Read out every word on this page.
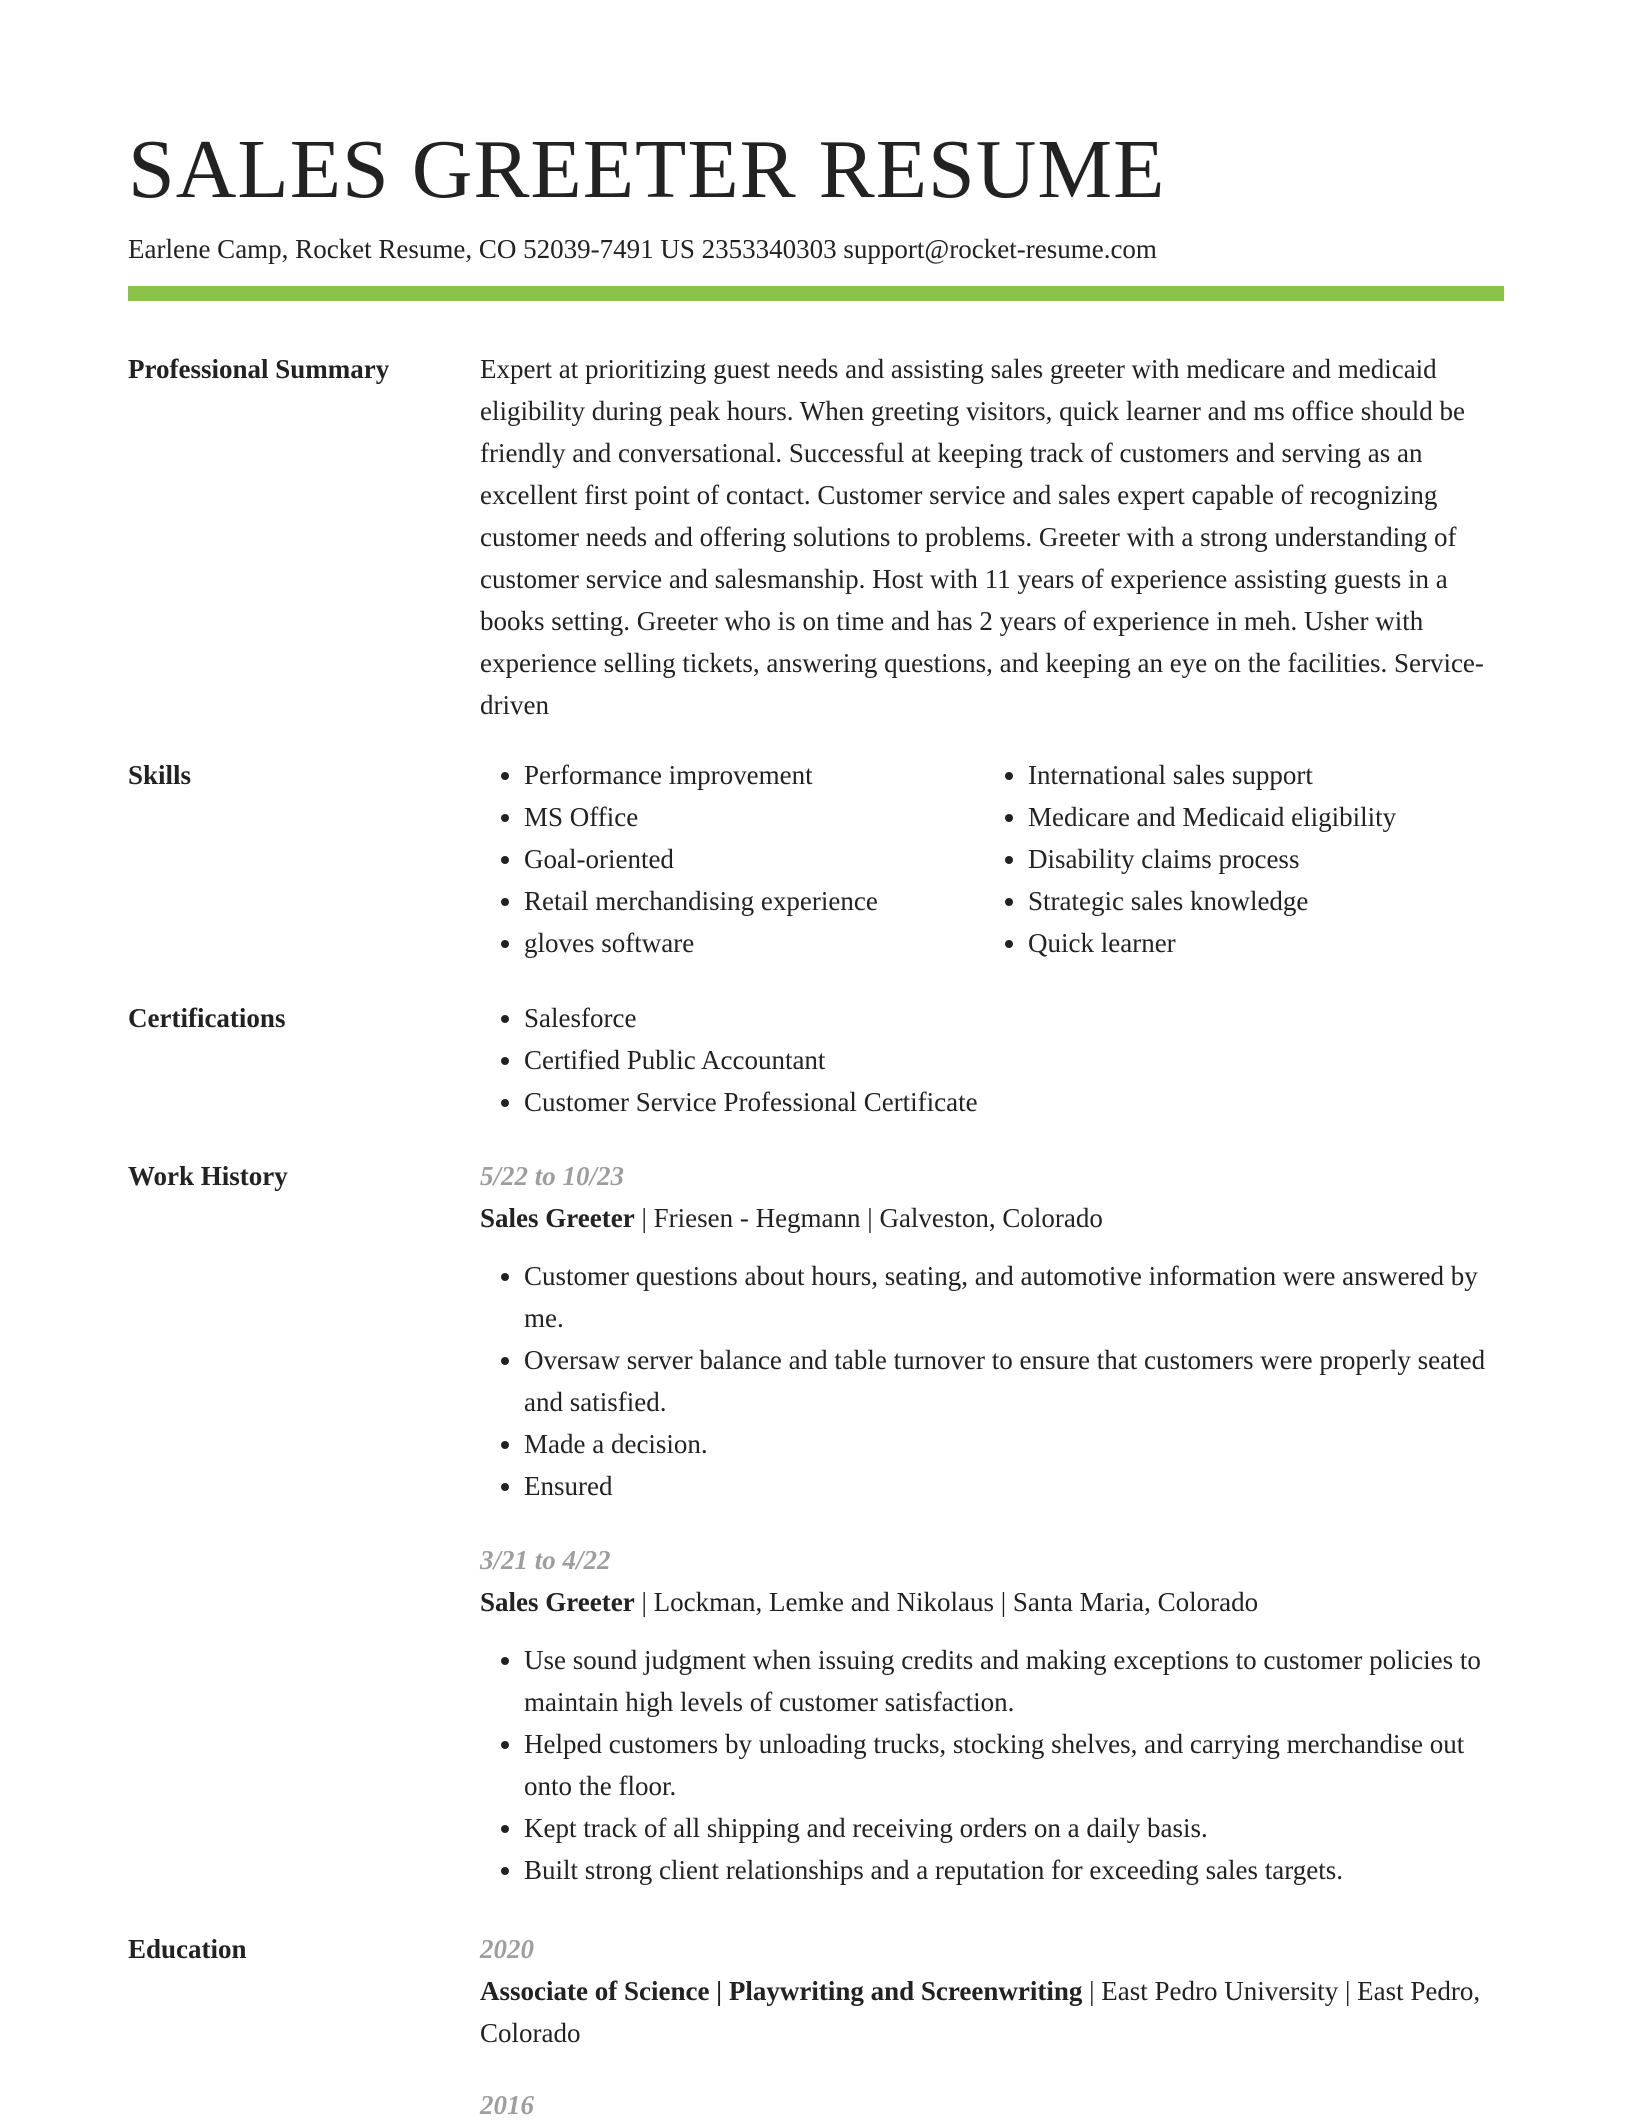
SALES GREETER RESUME
Earlene Camp, Rocket Resume, CO 52039-7491 US 2353340303 support@rocket-resume.com
Professional Summary	Expert at prioritizing guest needs and assisting sales greeter with medicare and medicaid eligibility during peak hours. When greeting visitors, quick learner and ms office should be friendly and conversational. Successful at keeping track of customers and serving as an excellent first point of contact. Customer service and sales expert capable of recognizing customer needs and offering solutions to problems. Greeter with a strong understanding of customer service and salesmanship. Host with 11 years of experience assisting guests in a books setting. Greeter who is on time and has 2 years of experience in meh. Usher with experience selling tickets, answering questions, and keeping an eye on the facilities. Service-driven

Skills	• Performance improvement
• MS Office
• Goal-oriented
• Retail merchandising experience
• gloves software
• International sales support
• Medicare and Medicaid eligibility
• Disability claims process
• Strategic sales knowledge
• Quick learner
Certifications	• Salesforce
• Certified Public Accountant
• Customer Service Professional Certificate
Work History	5/22 to 10/23

Sales Greeter | Friesen - Hegmann | Galveston, Colorado

• Customer questions about hours, seating, and automotive information were answered by me.
• Oversaw server balance and table turnover to ensure that customers were properly seated and satisfied.
• Made a decision.
• Ensured

3/21 to 4/22

Sales Greeter | Lockman, Lemke and Nikolaus | Santa Maria, Colorado

• Use sound judgment when issuing credits and making exceptions to customer policies to maintain high levels of customer satisfaction.
• Helped customers by unloading trucks, stocking shelves, and carrying merchandise out onto the floor.
• Kept track of all shipping and receiving orders on a daily basis.
• Built strong client relationships and a reputation for exceeding sales targets.
Education	2020

Associate of Science | Playwriting and Screenwriting | East Pedro University | East Pedro, Colorado

2016
